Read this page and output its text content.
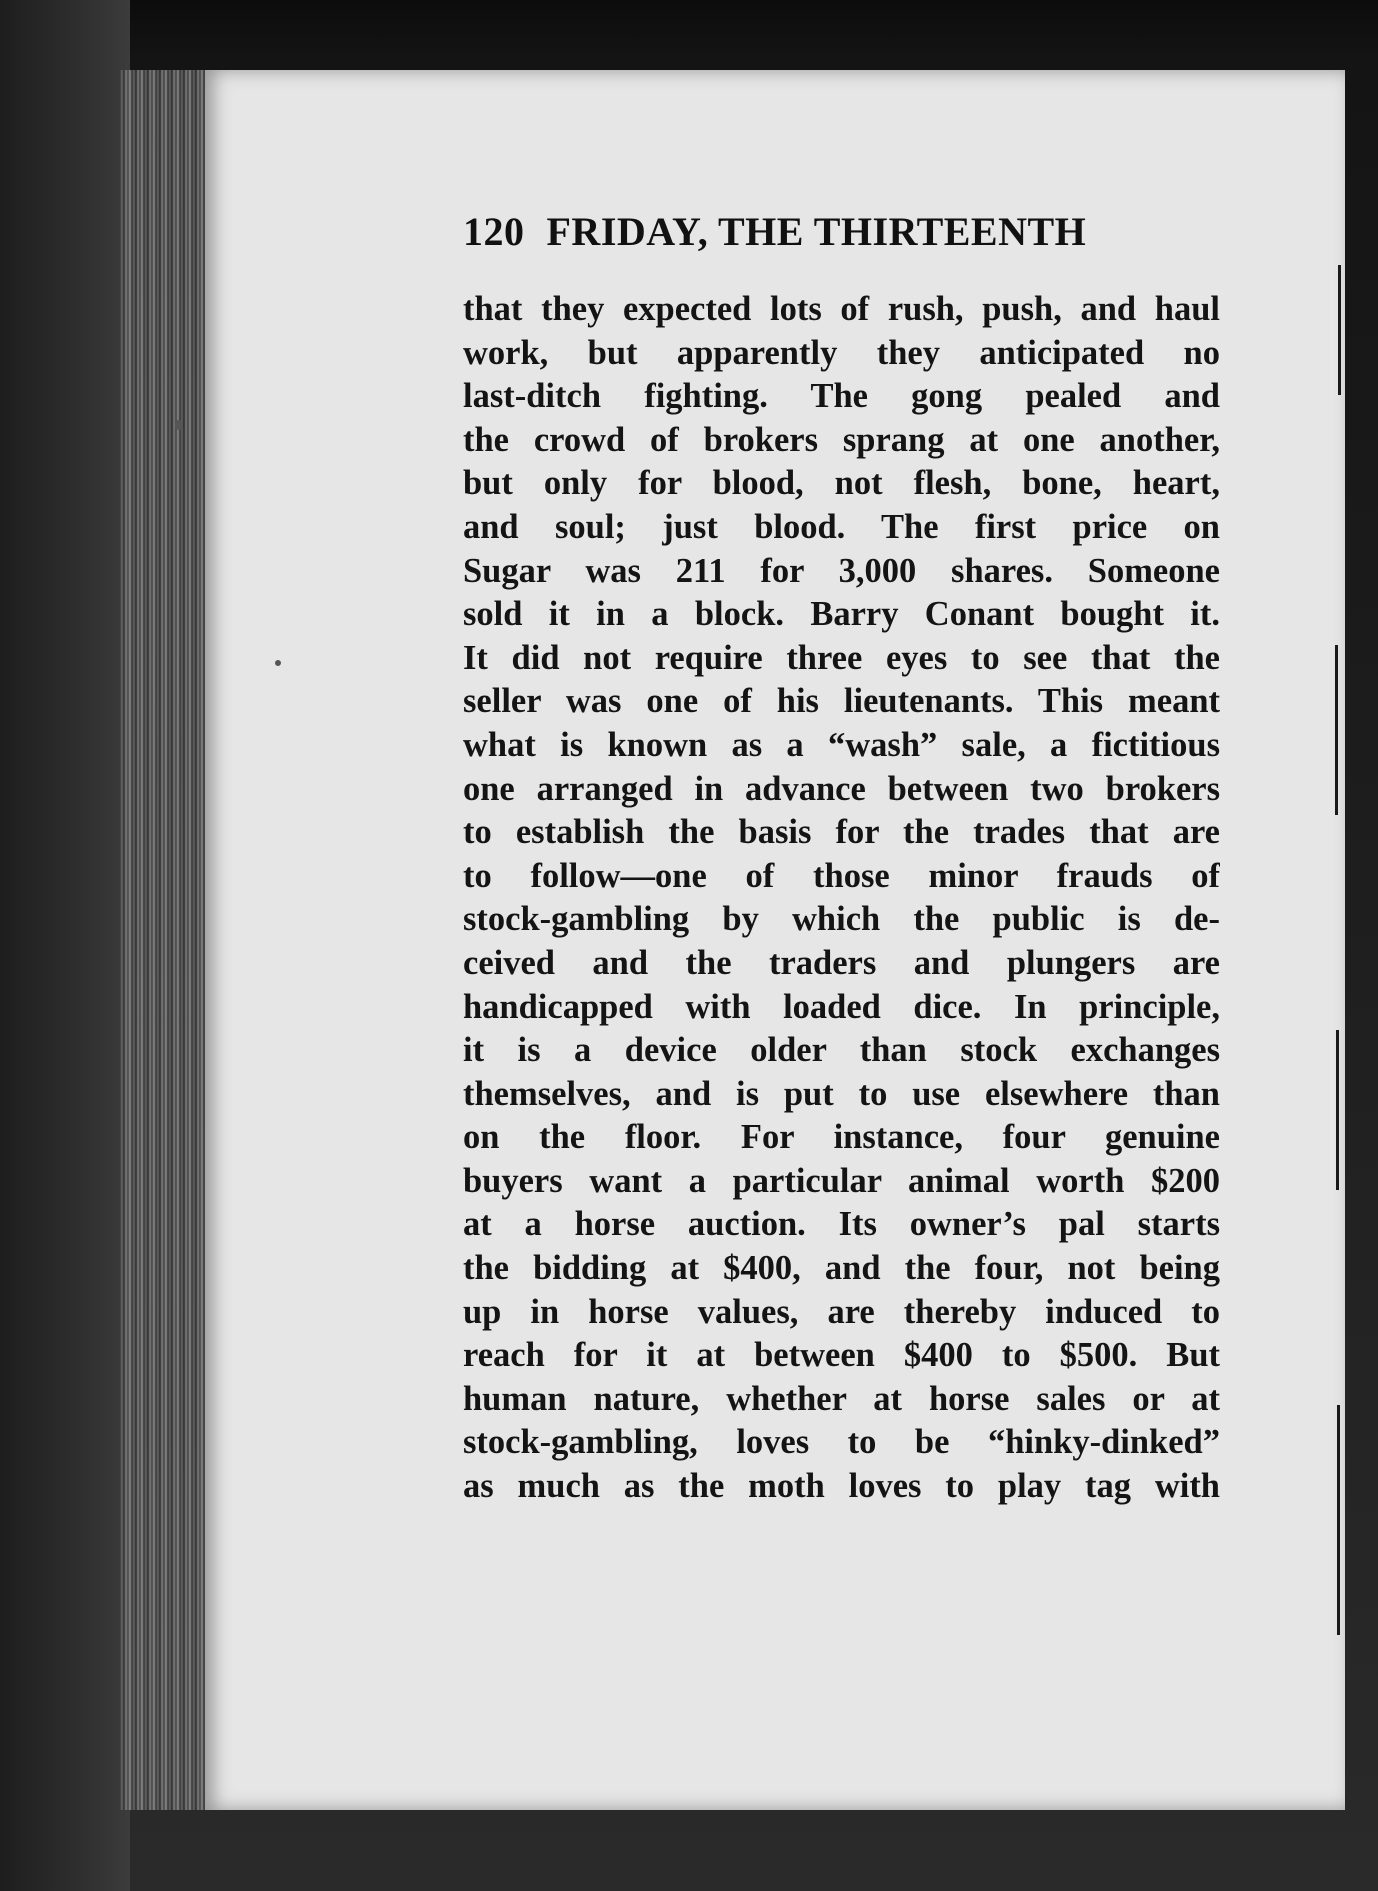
120 FRIDAY, THE THIRTEENTH
that they expected lots of rush, push, and haul
work, but apparently they anticipated no
last-ditch fighting. The gong pealed and
the crowd of brokers sprang at one another,
but only for blood, not flesh, bone, heart,
and soul; just blood. The first price on
Sugar was 211 for 3,000 shares. Someone
sold it in a block. Barry Conant bought it.
It did not require three eyes to see that the
seller was one of his lieutenants. This meant
what is known as a “wash” sale, a fictitious
one arranged in advance between two brokers
to establish the basis for the trades that are
to follow—one of those minor frauds of
stock-gambling by which the public is de-
ceived and the traders and plungers are
handicapped with loaded dice. In principle,
it is a device older than stock exchanges
themselves, and is put to use elsewhere than
on the floor. For instance, four genuine
buyers want a particular animal worth $200
at a horse auction. Its owner’s pal starts
the bidding at $400, and the four, not being
up in horse values, are thereby induced to
reach for it at between $400 to $500. But
human nature, whether at horse sales or at
stock-gambling, loves to be “hinky-dinked”
as much as the moth loves to play tag with
